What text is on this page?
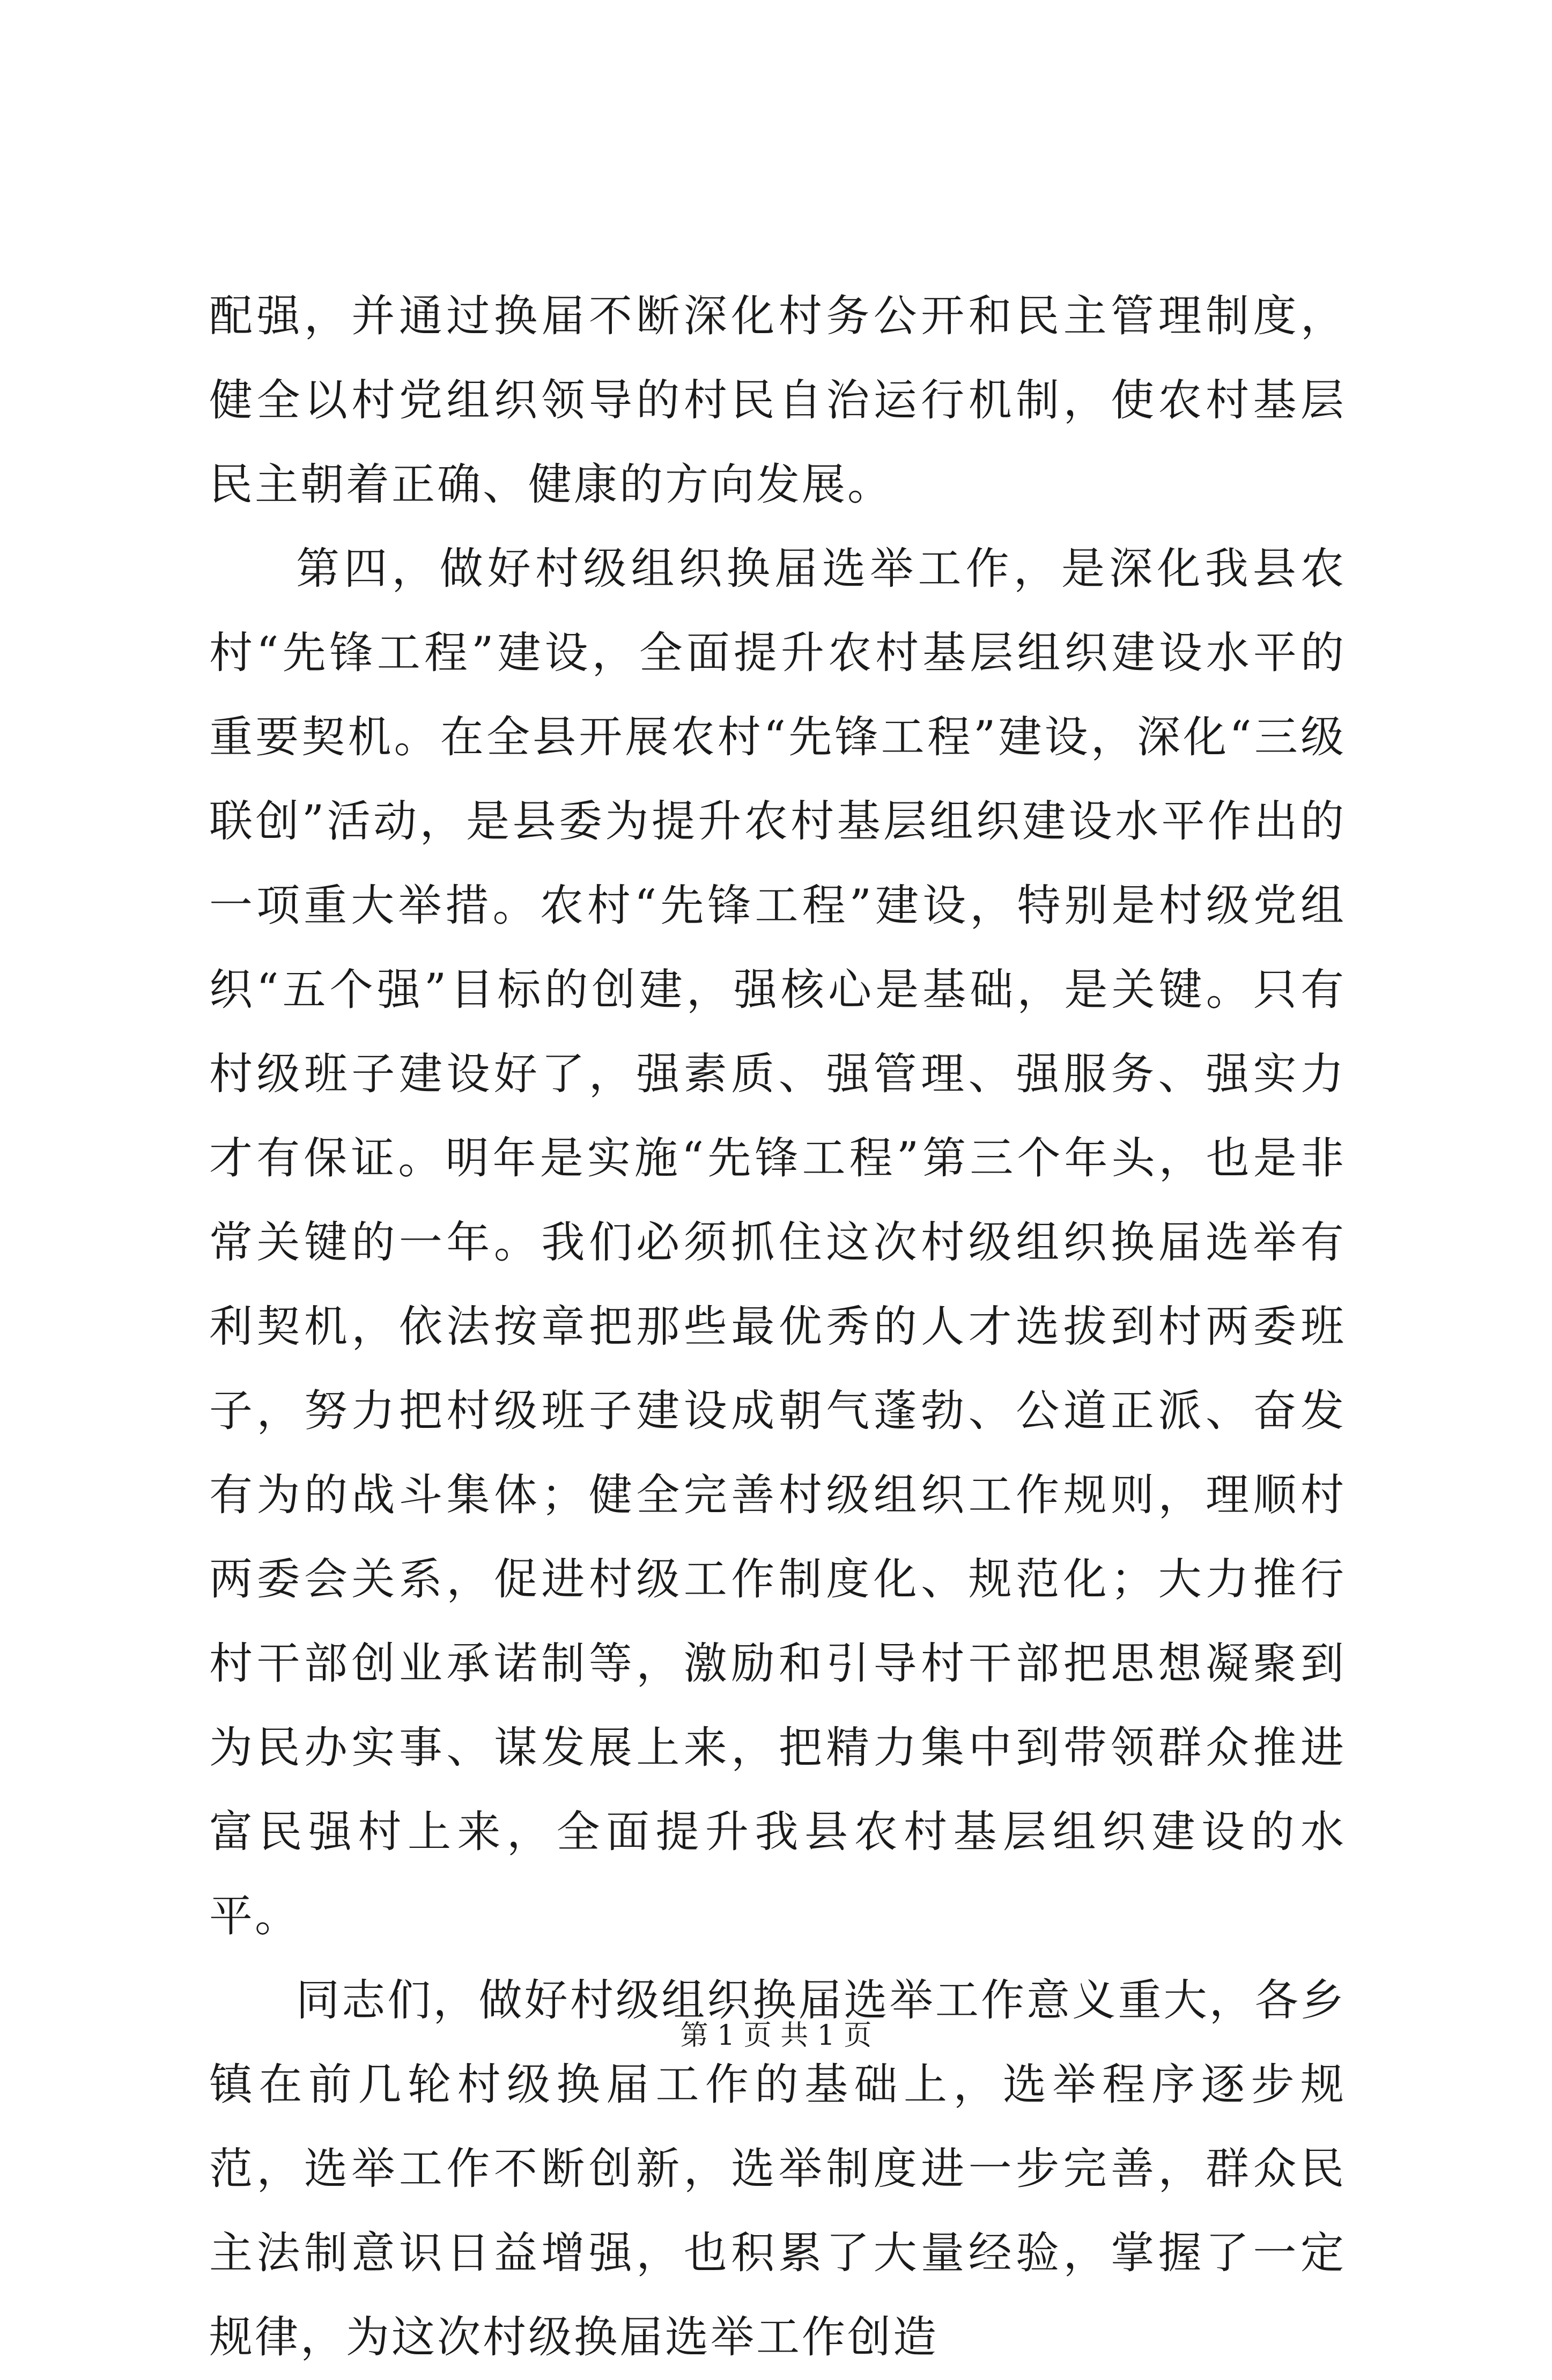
配强，并通过换届不断深化村务公开和民主管理制度，健全以村党组织领导的村民自治运行机制，使农村基层民主朝着正确、健康的方向发展。

第四，做好村级组织换届选举工作，是深化我县农村“先锋工程”建设，全面提升农村基层组织建设水平的重要契机。在全县开展农村“先锋工程”建设，深化“三级联创”活动，是县委为提升农村基层组织建设水平作出的一项重大举措。农村“先锋工程”建设，特别是村级党组织“五个强”目标的创建，强核心是基础，是关键。只有村级班子建设好了，强素质、强管理、强服务、强实力才有保证。明年是实施“先锋工程”第三个年头，也是非常关键的一年。我们必须抓住这次村级组织换届选举有利契机，依法按章把那些最优秀的人才选拔到村两委班子，努力把村级班子建设成朝气蓬勃、公道正派、奋发有为的战斗集体；健全完善村级组织工作规则，理顺村两委会关系，促进村级工作制度化、规范化；大力推行村干部创业承诺制等，激励和引导村干部把思想凝聚到为民办实事、谋发展上来，把精力集中到带领群众推进富民强村上来，全面提升我县农村基层组织建设的水平。

同志们，做好村级组织换届选举工作意义重大，各乡镇在前几轮村级换届工作的基础上，选举程序逐步规范，选举工作不断创新，选举制度进一步完善，群众民主法制意识日益增强，也积累了大量经验，掌握了一定规律，为这次村级换届选举工作创造

第 1 页 共 1 页
